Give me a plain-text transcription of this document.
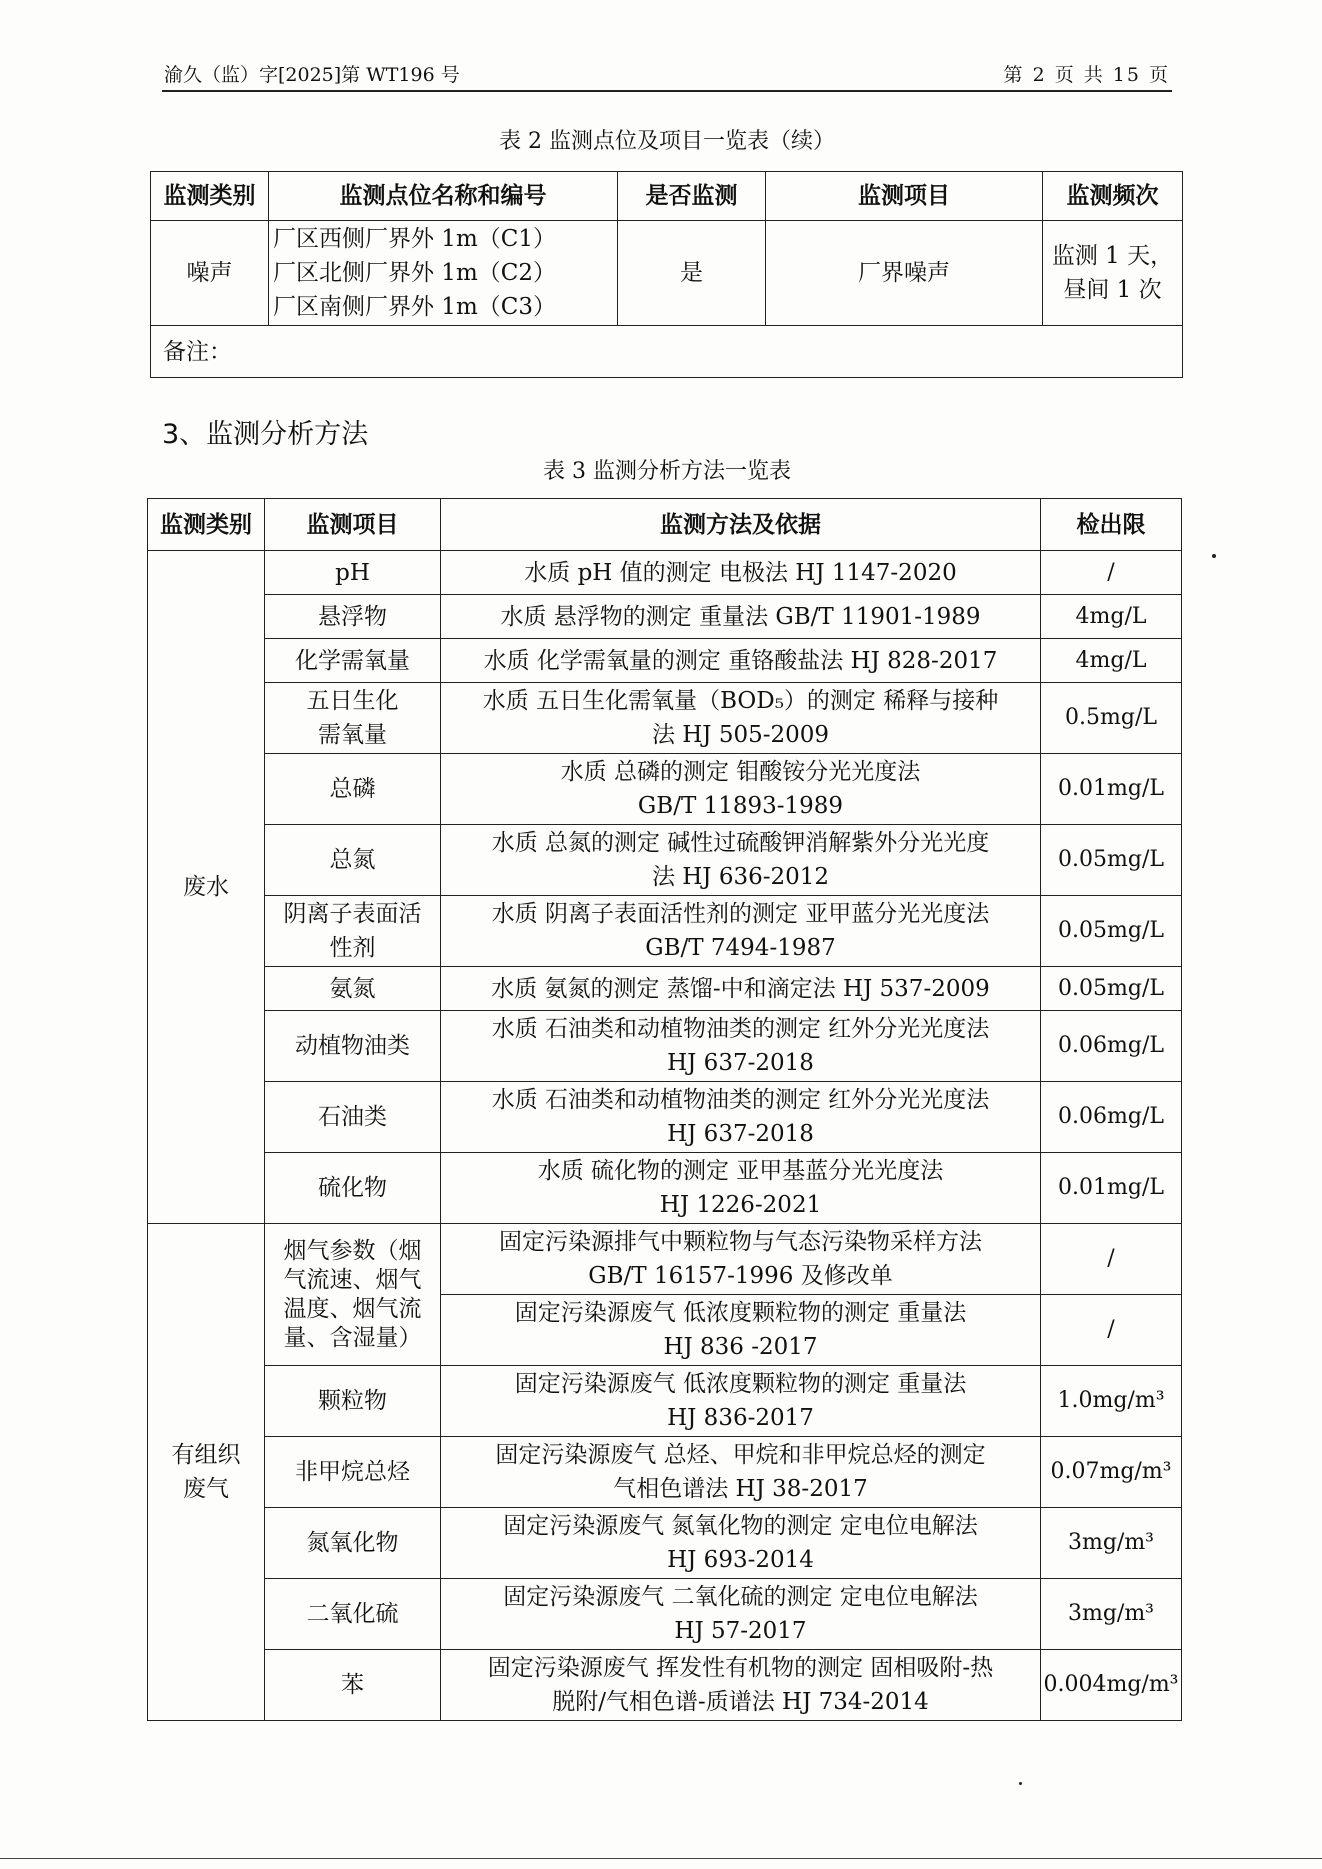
渝久（监）字[2025]第 WT196 号	第 2 页 共 15 页
表 2 监测点位及项目一览表（续）
监测类别	监测点位名称和编号	是否监测	监测项目	监测频次
噪声	厂区西侧厂界外 1m（C1）
厂区北侧厂界外 1m（C2）
厂区南侧厂界外 1m（C3）	是	厂界噪声	监测 1 天，
昼间 1 次

备注：				
3、监测分析方法
表 3 监测分析方法一览表
监测类别	监测项目	监测方法及依据	检出限
废水	pH	水质 pH 值的测定 电极法 HJ 1147-2020	/

	悬浮物	水质 悬浮物的测定 重量法 GB/T 11901-1989	4mg/L

	化学需氧量	水质 化学需氧量的测定 重铬酸盐法 HJ 828-2017	4mg/L

	五日生化
需氧量	水质 五日生化需氧量（BOD₅）的测定 稀释与接种
法 HJ 505-2009	0.5mg/L

	总磷	水质 总磷的测定 钼酸铵分光光度法
GB/T 11893-1989	0.01mg/L

	总氮	水质 总氮的测定 碱性过硫酸钾消解紫外分光光度
法 HJ 636-2012	0.05mg/L

	阴离子表面活
性剂	水质 阴离子表面活性剂的测定 亚甲蓝分光光度法
GB/T 7494-1987	0.05mg/L

	氨氮	水质 氨氮的测定 蒸馏-中和滴定法 HJ 537-2009	0.05mg/L

	动植物油类	水质 石油类和动植物油类的测定 红外分光光度法
HJ 637-2018	0.06mg/L

	石油类	水质 石油类和动植物油类的测定 红外分光光度法
HJ 637-2018	0.06mg/L

	硫化物	水质 硫化物的测定 亚甲基蓝分光光度法
HJ 1226-2021	0.01mg/L

有组织
废气	烟气参数（烟
气流速、烟气
温度、烟气流
量、含湿量）	固定污染源排气中颗粒物与气态污染物采样方法
GB/T 16157-1996 及修改单	/

		固定污染源废气 低浓度颗粒物的测定 重量法
HJ 836 -2017	/

	颗粒物	固定污染源废气 低浓度颗粒物的测定 重量法
HJ 836-2017	1.0mg/m³

	非甲烷总烃	固定污染源废气 总烃、甲烷和非甲烷总烃的测定
气相色谱法 HJ 38-2017	0.07mg/m³

	氮氧化物	固定污染源废气 氮氧化物的测定 定电位电解法
HJ 693-2014	3mg/m³

	二氧化硫	固定污染源废气 二氧化硫的测定 定电位电解法
HJ 57-2017	3mg/m³

	苯	固定污染源废气 挥发性有机物的测定 固相吸附-热
脱附/气相色谱-质谱法 HJ 734-2014	0.004mg/m³
